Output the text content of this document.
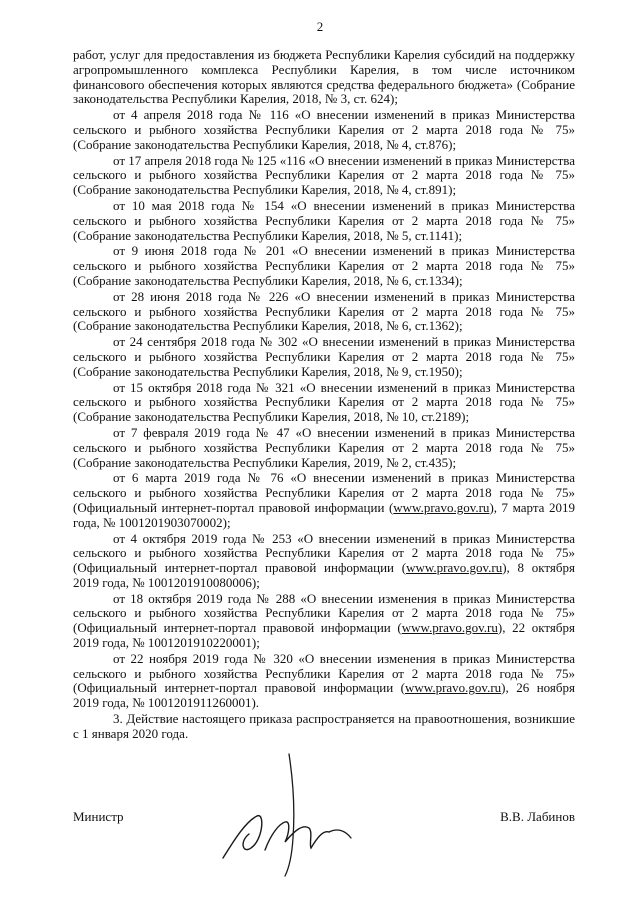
2

работ, услуг для предоставления из бюджета Республики Карелия субсидий на поддержку агропромышленного комплекса Республики Карелия, в том числе источником финансового обеспечения которых являются средства федерального бюджета» (Собрание законодательства Республики Карелия, 2018, № 3, ст. 624);

от 4 апреля 2018 года № 116 «О внесении изменений в приказ Министерства сельского и рыбного хозяйства Республики Карелия от 2 марта 2018 года № 75» (Собрание законодательства Республики Карелия, 2018, № 4, ст.876);

от 17 апреля 2018 года № 125 «116 «О внесении изменений в приказ Министерства сельского и рыбного хозяйства Республики Карелия от 2 марта 2018 года № 75» (Собрание законодательства Республики Карелия, 2018, № 4, ст.891);

от 10 мая 2018 года № 154 «О внесении изменений в приказ Министерства сельского и рыбного хозяйства Республики Карелия от 2 марта 2018 года № 75» (Собрание законодательства Республики Карелия, 2018, № 5, ст.1141);

от 9 июня 2018 года № 201 «О внесении изменений в приказ Министерства сельского и рыбного хозяйства Республики Карелия от 2 марта 2018 года № 75» (Собрание законодательства Республики Карелия, 2018, № 6, ст.1334);

от 28 июня 2018 года № 226 «О внесении изменений в приказ Министерства сельского и рыбного хозяйства Республики Карелия от 2 марта 2018 года № 75» (Собрание законодательства Республики Карелия, 2018, № 6, ст.1362);

от 24 сентября 2018 года № 302 «О внесении изменений в приказ Министерства сельского и рыбного хозяйства Республики Карелия от 2 марта 2018 года № 75» (Собрание законодательства Республики Карелия, 2018, № 9, ст.1950);

от 15 октября 2018 года № 321 «О внесении изменений в приказ Министерства сельского и рыбного хозяйства Республики Карелия от 2 марта 2018 года № 75» (Собрание законодательства Республики Карелия, 2018, № 10, ст.2189);

от 7 февраля 2019 года № 47 «О внесении изменений в приказ Министерства сельского и рыбного хозяйства Республики Карелия от 2 марта 2018 года № 75» (Собрание законодательства Республики Карелия, 2019, № 2, ст.435);

от 6 марта 2019 года № 76 «О внесении изменений в приказ Министерства сельского и рыбного хозяйства Республики Карелия от 2 марта 2018 года № 75» (Официальный интернет-портал правовой информации (www.pravo.gov.ru), 7 марта 2019 года, № 1001201903070002);

от 4 октября 2019 года № 253 «О внесении изменений в приказ Министерства сельского и рыбного хозяйства Республики Карелия от 2 марта 2018 года № 75» (Официальный интернет-портал правовой информации (www.pravo.gov.ru), 8 октября 2019 года, № 1001201910080006);

от 18 октября 2019 года № 288 «О внесении изменения в приказ Министерства сельского и рыбного хозяйства Республики Карелия от 2 марта 2018 года № 75» (Официальный интернет-портал правовой информации (www.pravo.gov.ru), 22 октября 2019 года, № 1001201910220001);

от 22 ноября 2019 года № 320 «О внесении изменения в приказ Министерства сельского и рыбного хозяйства Республики Карелия от 2 марта 2018 года № 75» (Официальный интернет-портал правовой информации (www.pravo.gov.ru), 26 ноября 2019 года, № 1001201911260001).

3. Действие настоящего приказа распространяется на правоотношения, возникшие с 1 января 2020 года.

Министр	В.В. Лабинов
